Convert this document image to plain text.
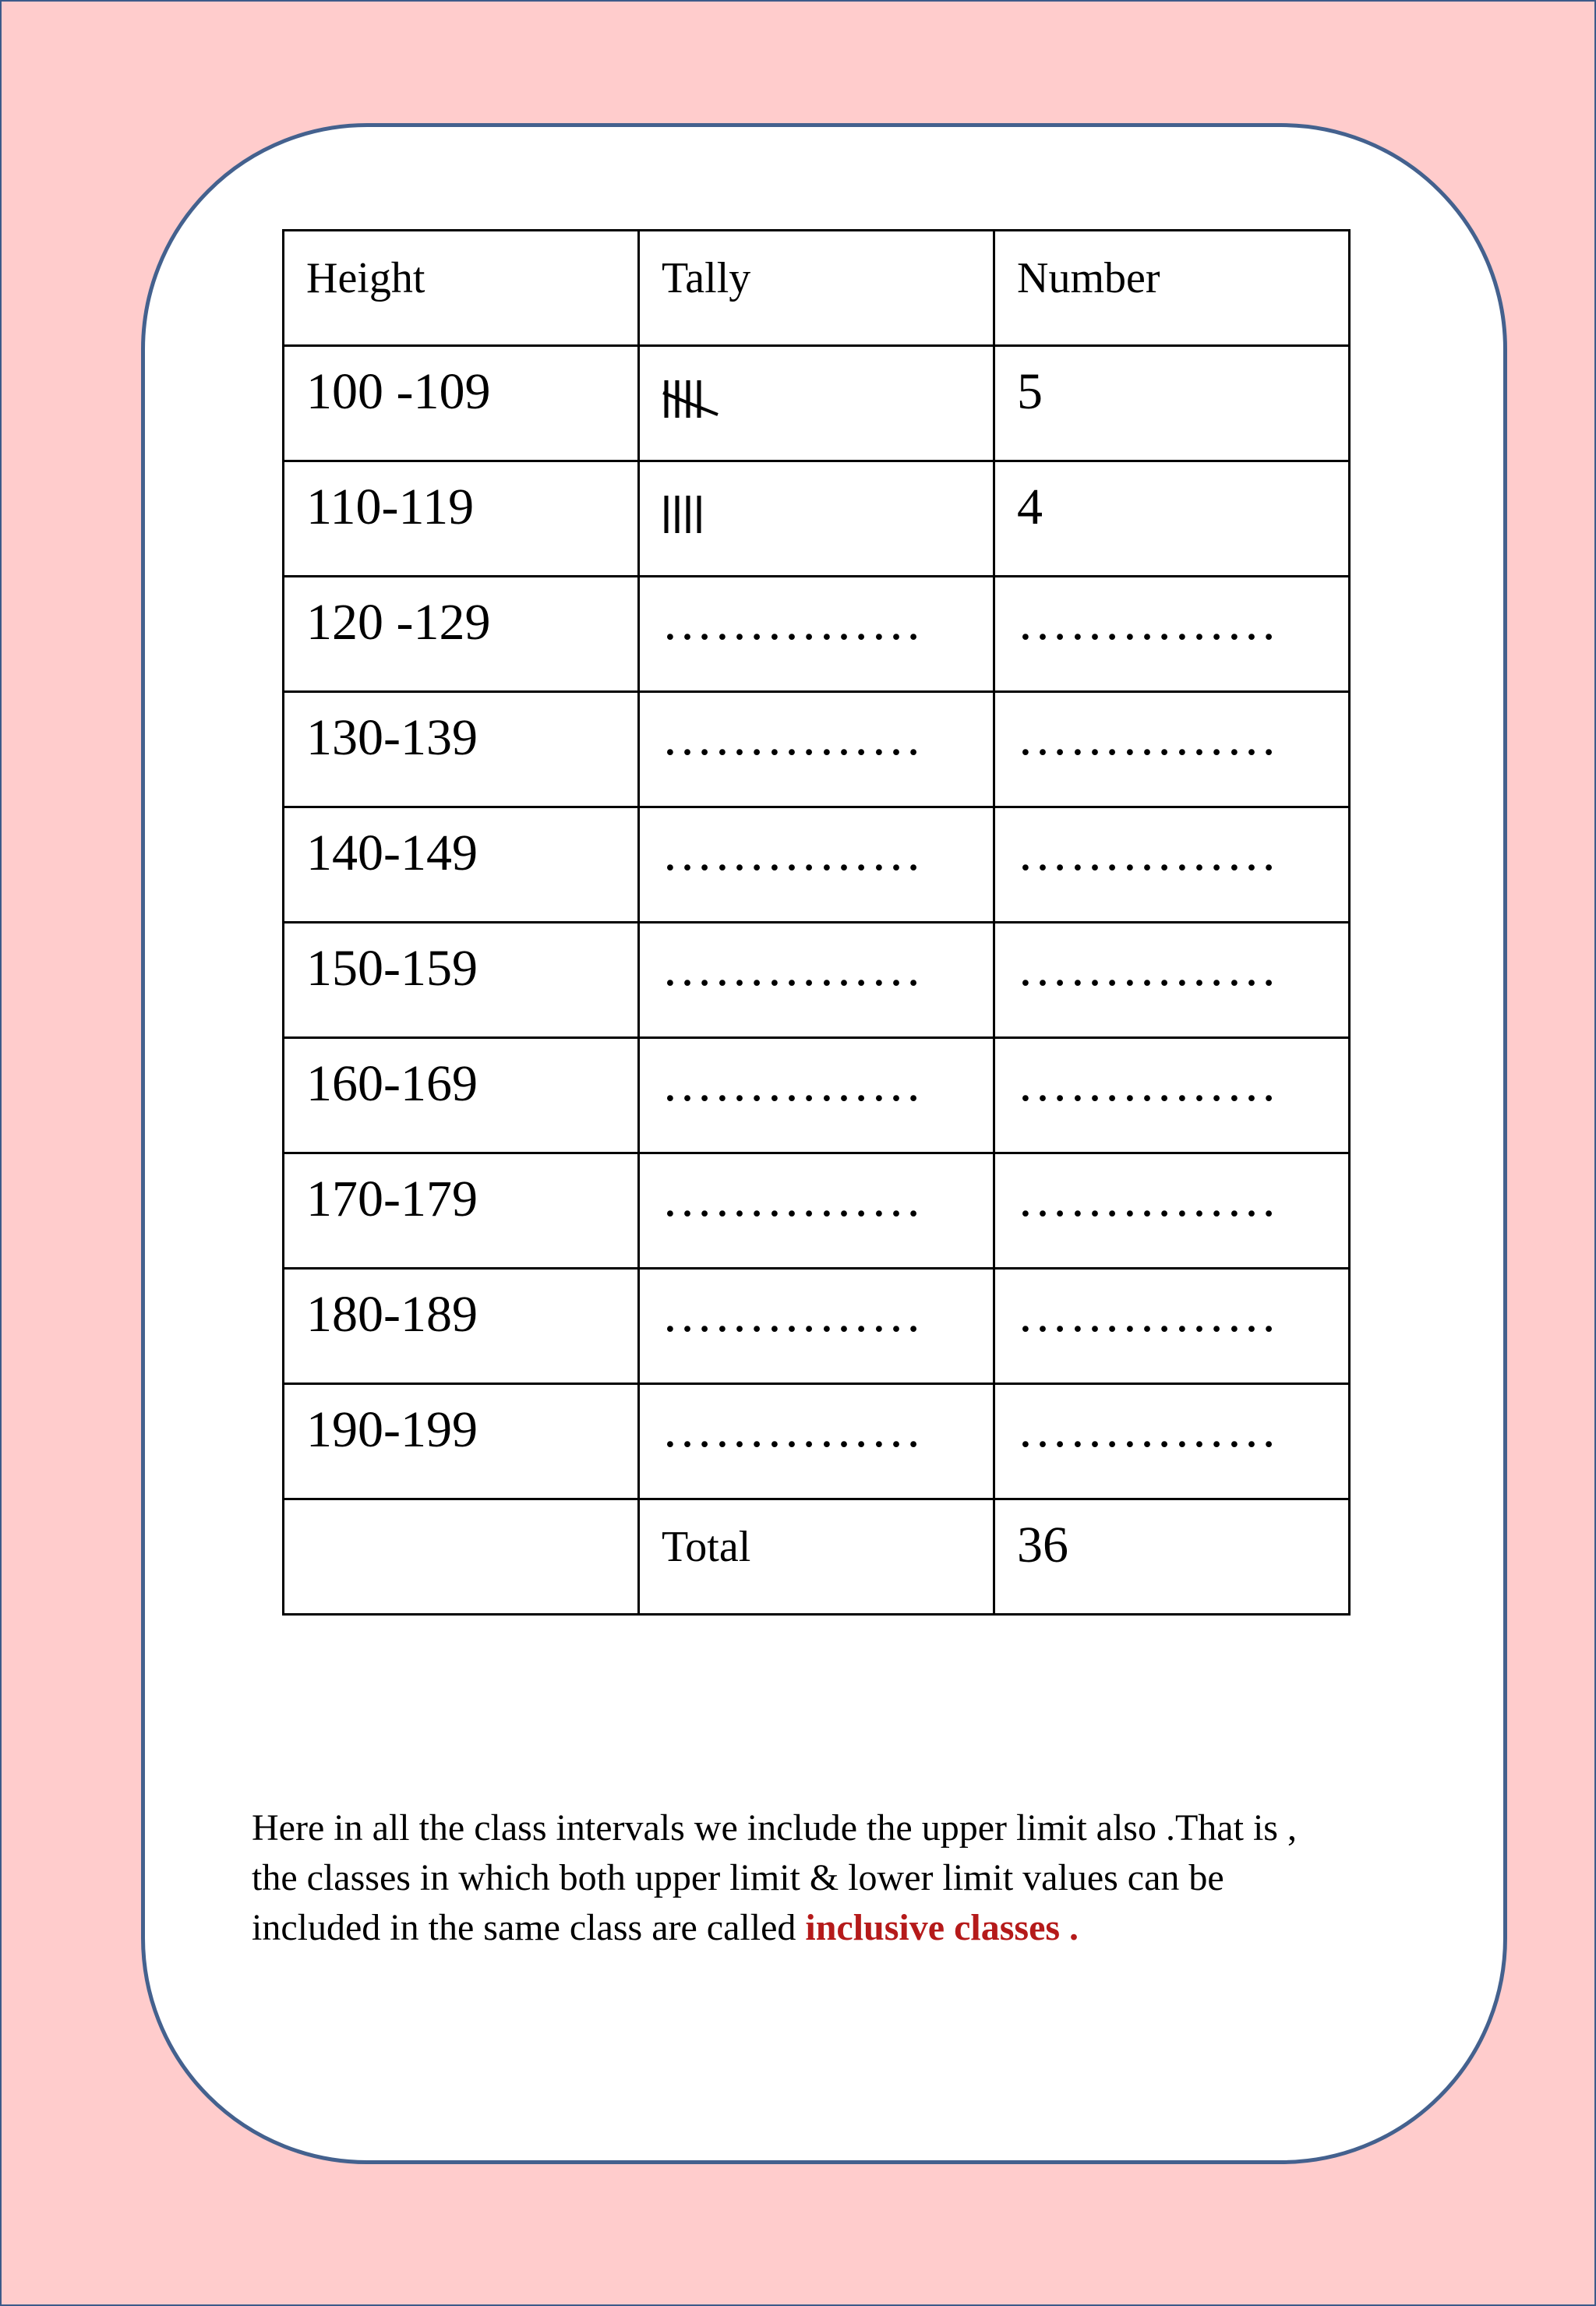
Height	Tally	Number
100 -109		5
110-119		4
120 -129	……………	……………
130-139	……………	……………
140-149	……………	……………
150-159	……………	……………
160-169	……………	……………
170-179	……………	……………
180-189	……………	……………
190-199	……………	……………
	Total	36

Here in all the class intervals we include the upper limit also .That is , the classes in which both upper limit & lower limit values can be included in the same class are called inclusive classes .
